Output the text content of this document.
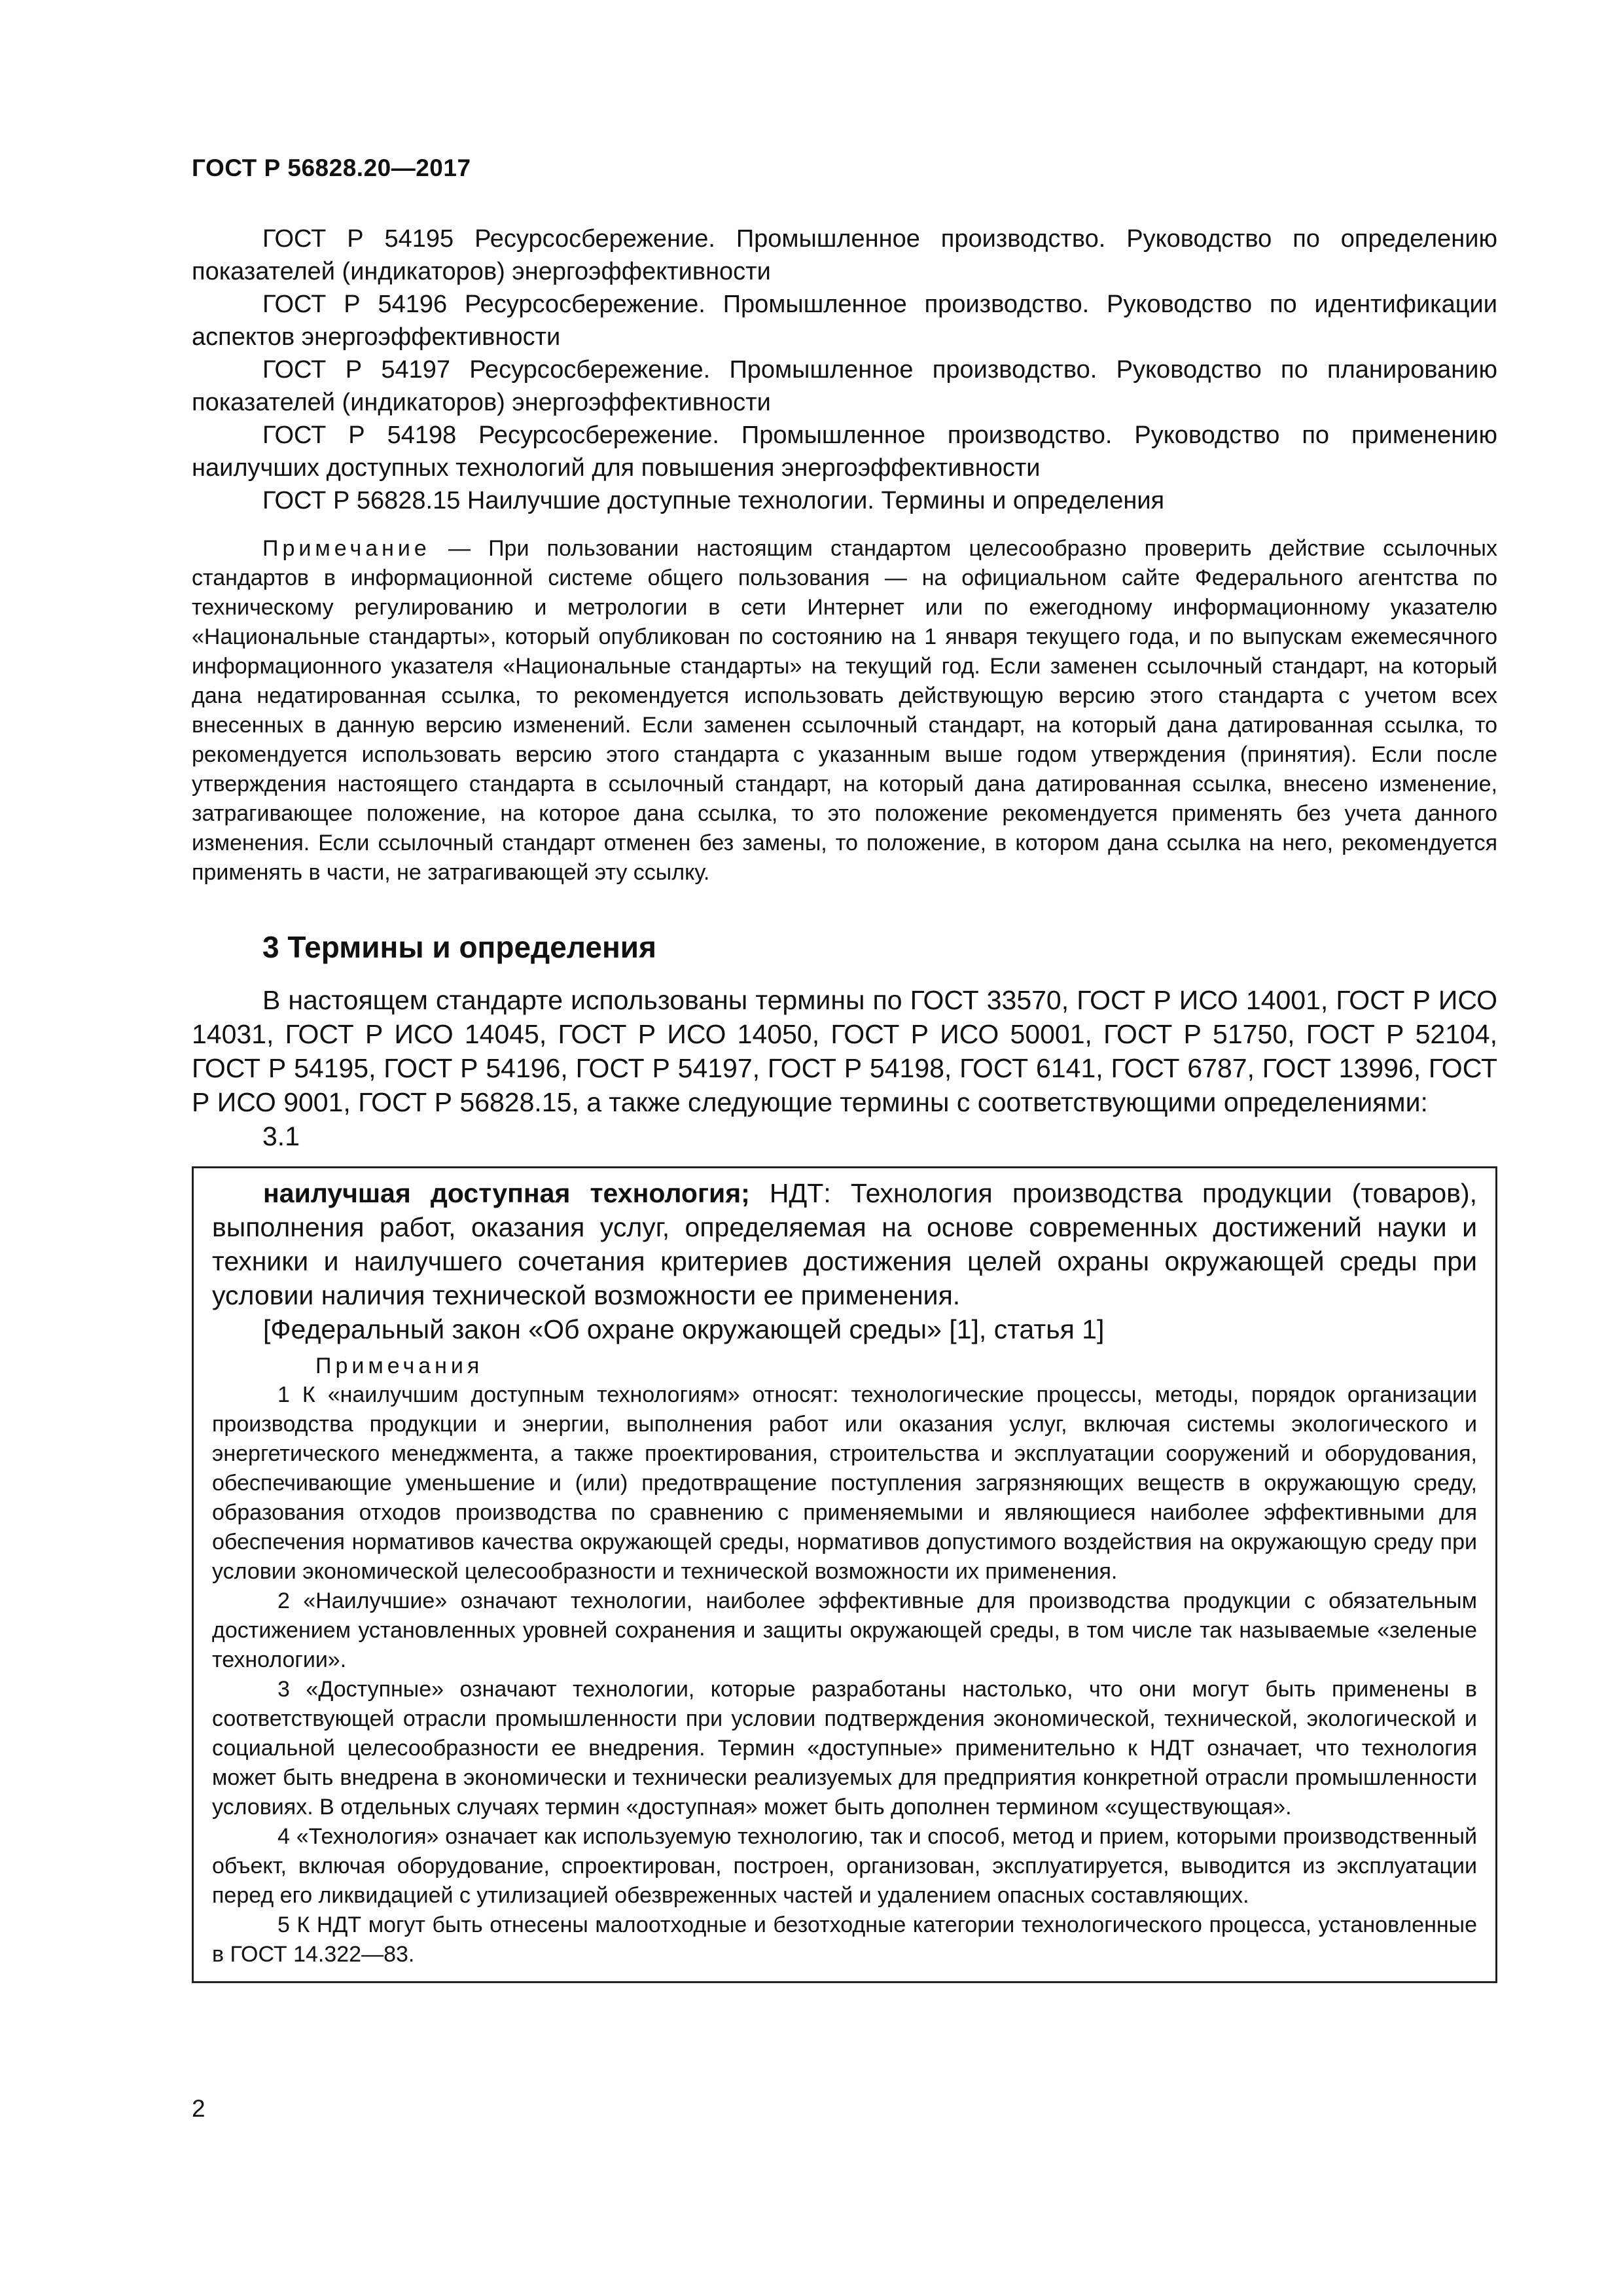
ГОСТ Р 56828.20—2017

ГОСТ Р 54195 Ресурсосбережение. Промышленное производство. Руководство по определению показателей (индикаторов) энергоэффективности

ГОСТ Р 54196 Ресурсосбережение. Промышленное производство. Руководство по идентификации аспектов энергоэффективности

ГОСТ Р 54197 Ресурсосбережение. Промышленное производство. Руководство по планированию показателей (индикаторов) энергоэффективности

ГОСТ Р 54198 Ресурсосбережение. Промышленное производство. Руководство по применению наилучших доступных технологий для повышения энергоэффективности

ГОСТ Р 56828.15 Наилучшие доступные технологии. Термины и определения

Примечание — При пользовании настоящим стандартом целесообразно проверить действие ссылочных стандартов в информационной системе общего пользования — на официальном сайте Федерального агентства по техническому регулированию и метрологии в сети Интернет или по ежегодному информационному указателю «Национальные стандарты», который опубликован по состоянию на 1 января текущего года, и по выпускам ежемесячного информационного указателя «Национальные стандарты» на текущий год. Если заменен ссылочный стандарт, на который дана недатированная ссылка, то рекомендуется использовать действующую версию этого стандарта с учетом всех внесенных в данную версию изменений. Если заменен ссылочный стандарт, на который дана датированная ссылка, то рекомендуется использовать версию этого стандарта с указанным выше годом утверждения (принятия). Если после утверждения настоящего стандарта в ссылочный стандарт, на который дана датированная ссылка, внесено изменение, затрагивающее положение, на которое дана ссылка, то это положение рекомендуется применять без учета данного изменения. Если ссылочный стандарт отменен без замены, то положение, в котором дана ссылка на него, рекомендуется применять в части, не затрагивающей эту ссылку.

3 Термины и определения

В настоящем стандарте использованы термины по ГОСТ 33570, ГОСТ Р ИСО 14001, ГОСТ Р ИСО 14031, ГОСТ Р ИСО 14045, ГОСТ Р ИСО 14050, ГОСТ Р ИСО 50001, ГОСТ Р 51750, ГОСТ Р 52104, ГОСТ Р 54195, ГОСТ Р 54196, ГОСТ Р 54197, ГОСТ Р 54198, ГОСТ 6141, ГОСТ 6787, ГОСТ 13996, ГОСТ Р ИСО 9001, ГОСТ Р 56828.15, а также следующие термины с соответствующими определениями:

3.1

наилучшая доступная технология; НДТ: Технология производства продукции (товаров), выполнения работ, оказания услуг, определяемая на основе современных достижений науки и техники и наилучшего сочетания критериев достижения целей охраны окружающей среды при условии наличия технической возможности ее применения.

[Федеральный закон «Об охране окружающей среды» [1], статья 1]

Примечания

1 К «наилучшим доступным технологиям» относят: технологические процессы, методы, порядок организации производства продукции и энергии, выполнения работ или оказания услуг, включая системы экологического и энергетического менеджмента, а также проектирования, строительства и эксплуатации сооружений и оборудования, обеспечивающие уменьшение и (или) предотвращение поступления загрязняющих веществ в окружающую среду, образования отходов производства по сравнению с применяемыми и являющиеся наиболее эффективными для обеспечения нормативов качества окружающей среды, нормативов допустимого воздействия на окружающую среду при условии экономической целесообразности и технической возможности их применения.

2 «Наилучшие» означают технологии, наиболее эффективные для производства продукции с обязательным достижением установленных уровней сохранения и защиты окружающей среды, в том числе так называемые «зеленые технологии».

3 «Доступные» означают технологии, которые разработаны настолько, что они могут быть применены в соответствующей отрасли промышленности при условии подтверждения экономической, технической, экологической и социальной целесообразности ее внедрения. Термин «доступные» применительно к НДТ означает, что технология может быть внедрена в экономически и технически реализуемых для предприятия конкретной отрасли промышленности условиях. В отдельных случаях термин «доступная» может быть дополнен термином «существующая».

4 «Технология» означает как используемую технологию, так и способ, метод и прием, которыми производственный объект, включая оборудование, спроектирован, построен, организован, эксплуатируется, выводится из эксплуатации перед его ликвидацией с утилизацией обезвреженных частей и удалением опасных составляющих.

5 К НДТ могут быть отнесены малоотходные и безотходные категории технологического процесса, установленные в ГОСТ 14.322—83.

2
